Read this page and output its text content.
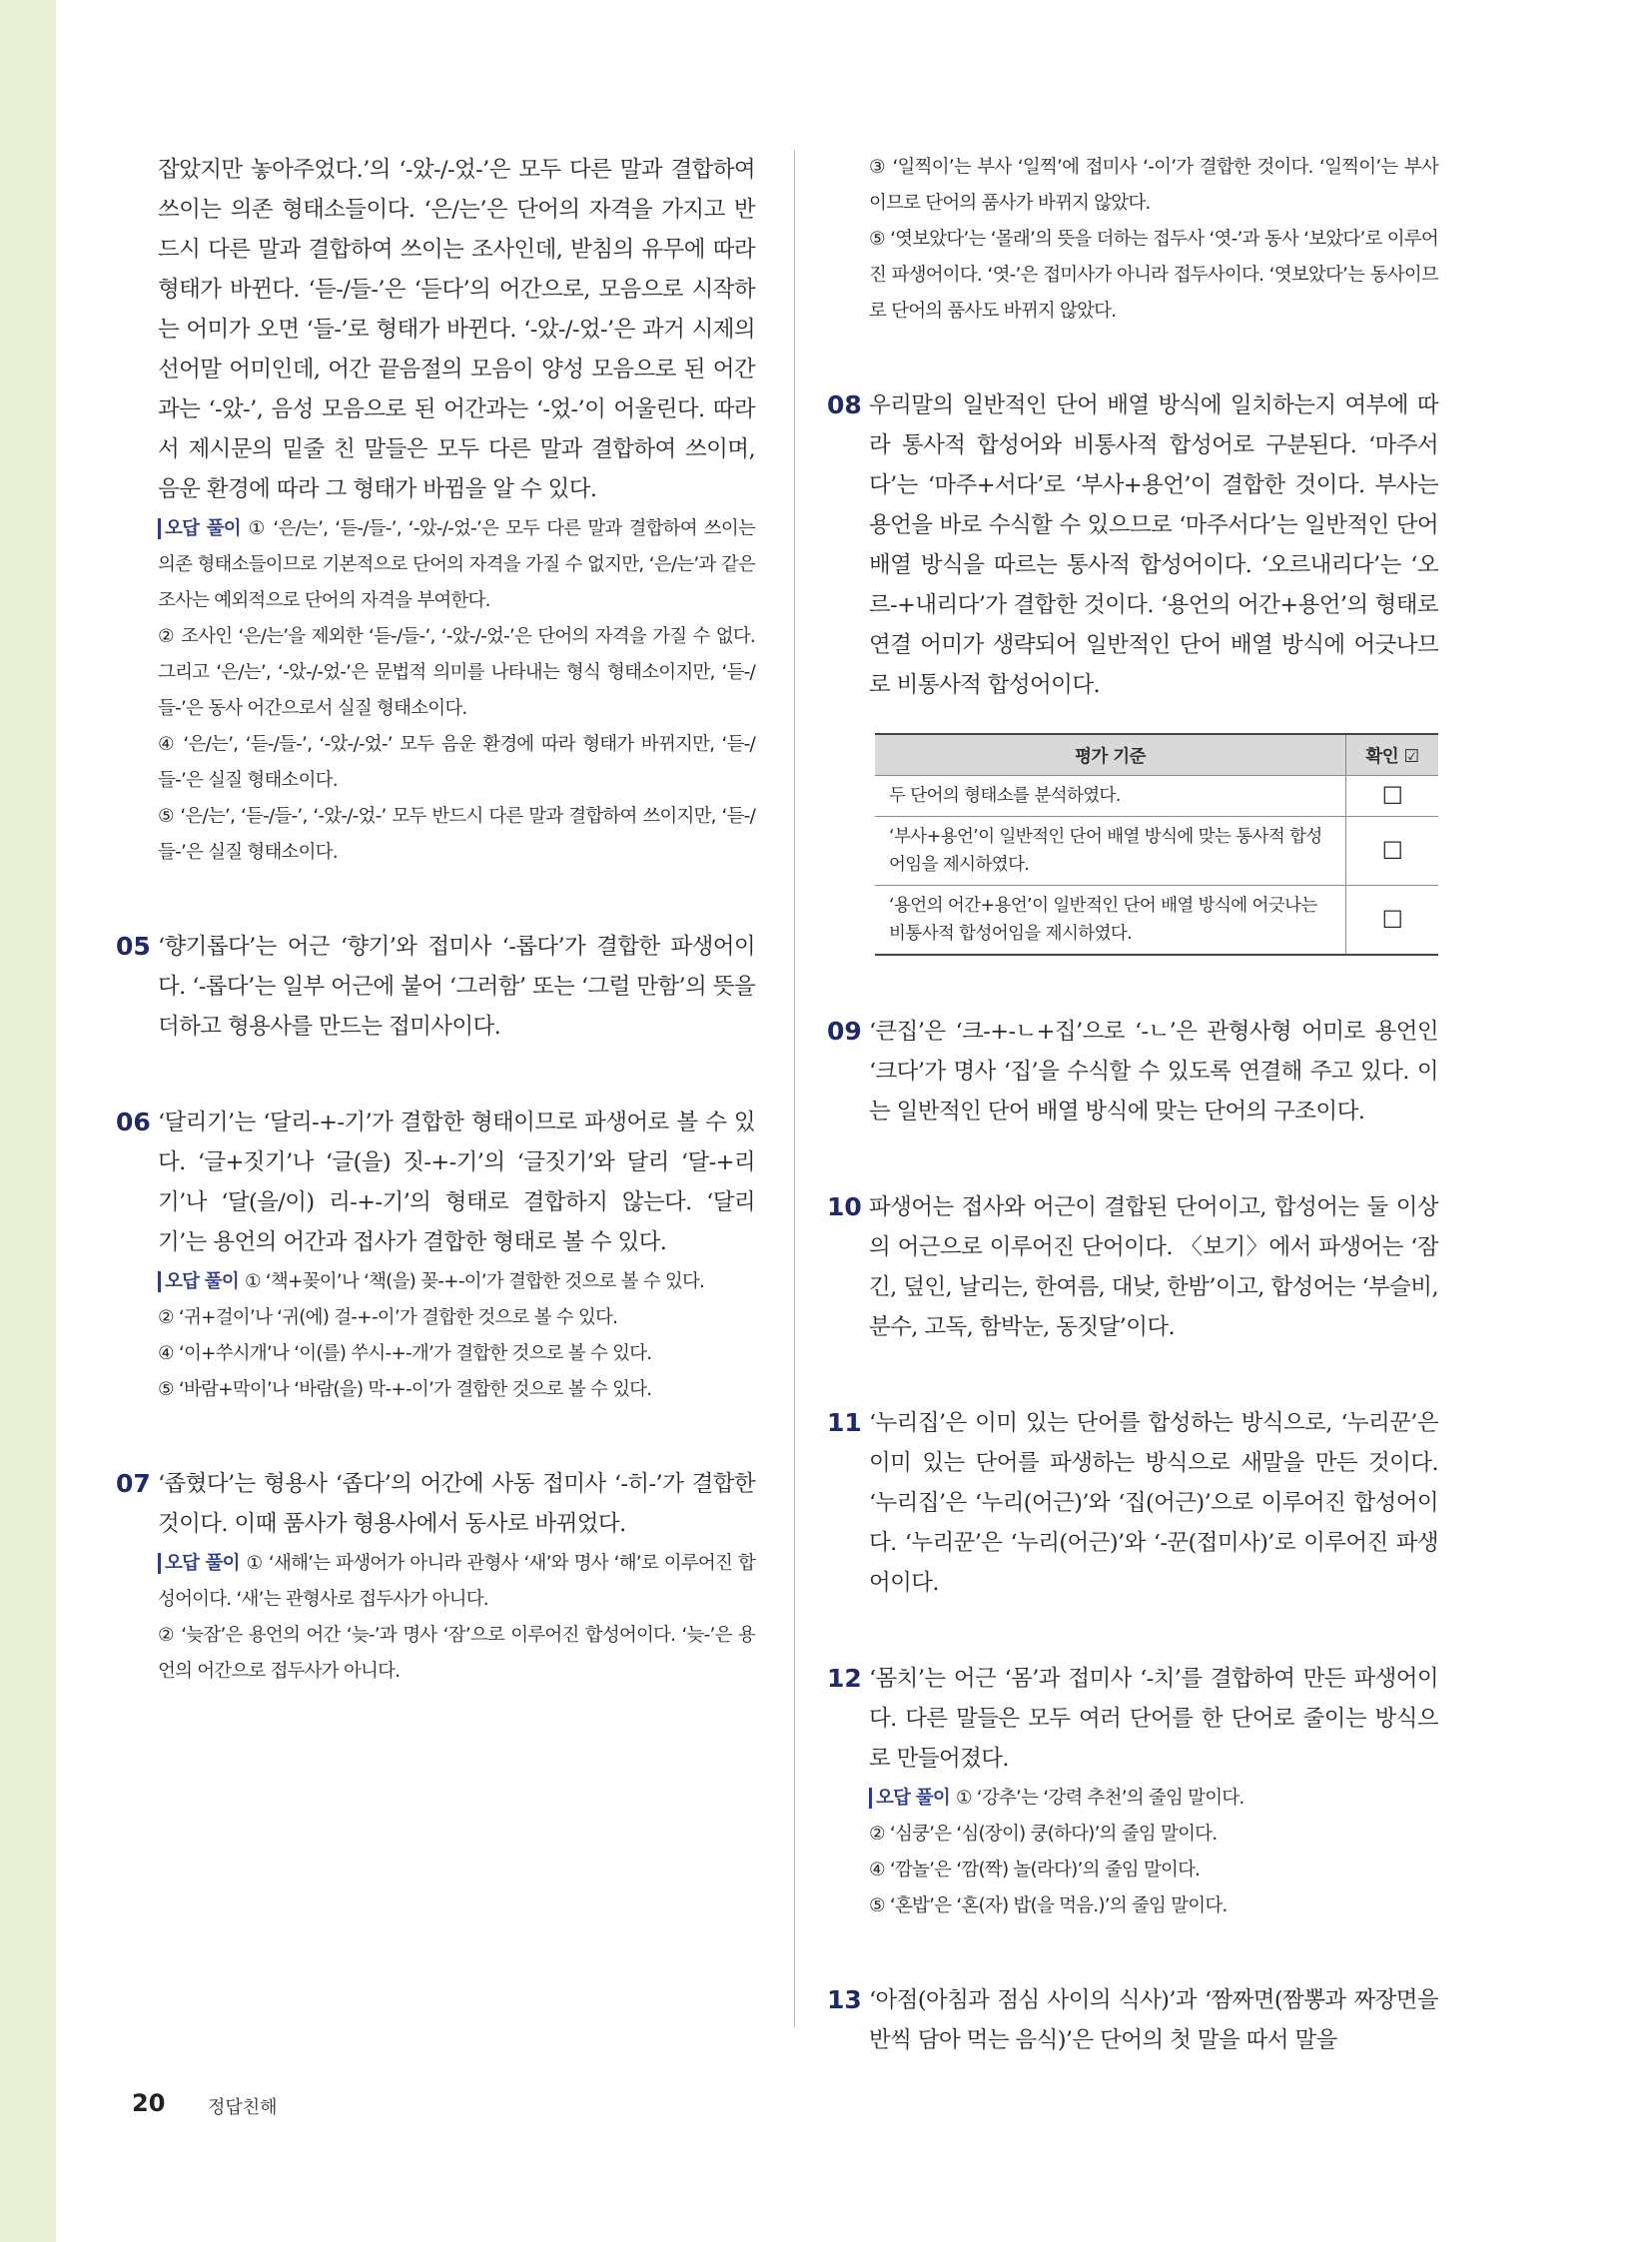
잡았지만 놓아주었다.’의 ‘-았-/-었-’은 모두 다른 말과 결합하여 쓰이는 의존 형태소들이다. ‘은/는’은 단어의 자격을 가지고 반드시 다른 말과 결합하여 쓰이는 조사인데, 받침의 유무에 따라 형태가 바뀐다. ‘듣-/들-’은 ‘듣다’의 어간으로, 모음으로 시작하는 어미가 오면 ‘들-’로 형태가 바뀐다. ‘-았-/-었-’은 과거 시제의 선어말 어미인데, 어간 끝음절의 모음이 양성 모음으로 된 어간과는 ‘-았-’, 음성 모음으로 된 어간과는 ‘-었-’이 어울린다. 따라서 제시문의 밑줄 친 말들은 모두 다른 말과 결합하여 쓰이며, 음운 환경에 따라 그 형태가 바뀜을 알 수 있다.

오답 풀이 ① ‘은/는’, ‘듣-/들-’, ‘-았-/-었-’은 모두 다른 말과 결합하여 쓰이는 의존 형태소들이므로 기본적으로 단어의 자격을 가질 수 없지만, ‘은/는’과 같은 조사는 예외적으로 단어의 자격을 부여한다.

② 조사인 ‘은/는’을 제외한 ‘듣-/들-’, ‘-았-/-었-’은 단어의 자격을 가질 수 없다. 그리고 ‘은/는’, ‘-았-/-었-’은 문법적 의미를 나타내는 형식 형태소이지만, ‘듣-/들-’은 동사 어간으로서 실질 형태소이다.

④ ‘은/는’, ‘듣-/들-’, ‘-았-/-었-’ 모두 음운 환경에 따라 형태가 바뀌지만, ‘듣-/들-’은 실질 형태소이다.

⑤ ‘은/는’, ‘듣-/들-’, ‘-았-/-었-’ 모두 반드시 다른 말과 결합하여 쓰이지만, ‘듣-/들-’은 실질 형태소이다.

05 ‘향기롭다’는 어근 ‘향기’와 접미사 ‘-롭다’가 결합한 파생어이다. ‘-롭다’는 일부 어근에 붙어 ‘그러함’ 또는 ‘그럴 만함’의 뜻을 더하고 형용사를 만드는 접미사이다.

06 ‘달리기’는 ‘달리-+-기’가 결합한 형태이므로 파생어로 볼 수 있다. ‘글+짓기’나 ‘글(을) 짓-+-기’의 ‘글짓기’와 달리 ‘달-+리기’나 ‘달(을/이) 리-+-기’의 형태로 결합하지 않는다. ‘달리기’는 용언의 어간과 접사가 결합한 형태로 볼 수 있다.

오답 풀이 ① ‘책+꽂이’나 ‘책(을) 꽂-+-이’가 결합한 것으로 볼 수 있다.

② ‘귀+걸이’나 ‘귀(에) 걸-+-이’가 결합한 것으로 볼 수 있다.

④ ‘이+쑤시개’나 ‘이(를) 쑤시-+-개’가 결합한 것으로 볼 수 있다.

⑤ ‘바람+막이’나 ‘바람(을) 막-+-이’가 결합한 것으로 볼 수 있다.

07 ‘좁혔다’는 형용사 ‘좁다’의 어간에 사동 접미사 ‘-히-’가 결합한 것이다. 이때 품사가 형용사에서 동사로 바뀌었다.

오답 풀이 ① ‘새해’는 파생어가 아니라 관형사 ‘새’와 명사 ‘해’로 이루어진 합성어이다. ‘새’는 관형사로 접두사가 아니다.

② ‘늦잠’은 용언의 어간 ‘늦-’과 명사 ‘잠’으로 이루어진 합성어이다. ‘늦-’은 용언의 어간으로 접두사가 아니다.

③ ‘일찍이’는 부사 ‘일찍’에 접미사 ‘-이’가 결합한 것이다. ‘일찍이’는 부사이므로 단어의 품사가 바뀌지 않았다.

⑤ ‘엿보았다’는 ‘몰래’의 뜻을 더하는 접두사 ‘엿-’과 동사 ‘보았다’로 이루어진 파생어이다. ‘엿-’은 접미사가 아니라 접두사이다. ‘엿보았다’는 동사이므로 단어의 품사도 바뀌지 않았다.

08 우리말의 일반적인 단어 배열 방식에 일치하는지 여부에 따라 통사적 합성어와 비통사적 합성어로 구분된다. ‘마주서다’는 ‘마주+서다’로 ‘부사+용언’이 결합한 것이다. 부사는 용언을 바로 수식할 수 있으므로 ‘마주서다’는 일반적인 단어 배열 방식을 따르는 통사적 합성어이다. ‘오르내리다’는 ‘오르-+내리다’가 결합한 것이다. ‘용언의 어간+용언’의 형태로 연결 어미가 생략되어 일반적인 단어 배열 방식에 어긋나므로 비통사적 합성어이다.

평가 기준	확인 ☑
두 단어의 형태소를 분석하였다.	☐
‘부사+용언’이 일반적인 단어 배열 방식에 맞는 통사적 합성어임을 제시하였다.	☐
‘용언의 어간+용언’이 일반적인 단어 배열 방식에 어긋나는 비통사적 합성어임을 제시하였다.	☐
09 ‘큰집’은 ‘크-+-ㄴ+집’으로 ‘-ㄴ’은 관형사형 어미로 용언인 ‘크다’가 명사 ‘집’을 수식할 수 있도록 연결해 주고 있다. 이는 일반적인 단어 배열 방식에 맞는 단어의 구조이다.

10 파생어는 접사와 어근이 결합된 단어이고, 합성어는 둘 이상의 어근으로 이루어진 단어이다. 〈보기〉에서 파생어는 ‘잠긴, 덮인, 날리는, 한여름, 대낮, 한밤’이고, 합성어는 ‘부슬비, 분수, 고독, 함박눈, 동짓달’이다.

11 ‘누리집’은 이미 있는 단어를 합성하는 방식으로, ‘누리꾼’은 이미 있는 단어를 파생하는 방식으로 새말을 만든 것이다. ‘누리집’은 ‘누리(어근)’와 ‘집(어근)’으로 이루어진 합성어이다. ‘누리꾼’은 ‘누리(어근)’와 ‘-꾼(접미사)’로 이루어진 파생어이다.

12 ‘몸치’는 어근 ‘몸’과 접미사 ‘-치’를 결합하여 만든 파생어이다. 다른 말들은 모두 여러 단어를 한 단어로 줄이는 방식으로 만들어졌다.

오답 풀이 ① ‘강추’는 ‘강력 추천’의 줄임 말이다.

② ‘심쿵’은 ‘심(장이) 쿵(하다)’의 줄임 말이다.

④ ‘깜놀’은 ‘깜(짝) 놀(라다)’의 줄임 말이다.

⑤ ‘혼밥’은 ‘혼(자) 밥(을 먹음.)’의 줄임 말이다.

13 ‘아점(아침과 점심 사이의 식사)’과 ‘짬짜면(짬뽕과 짜장면을 반씩 담아 먹는 음식)’은 단어의 첫 말을 따서 말을

20 정답친해
